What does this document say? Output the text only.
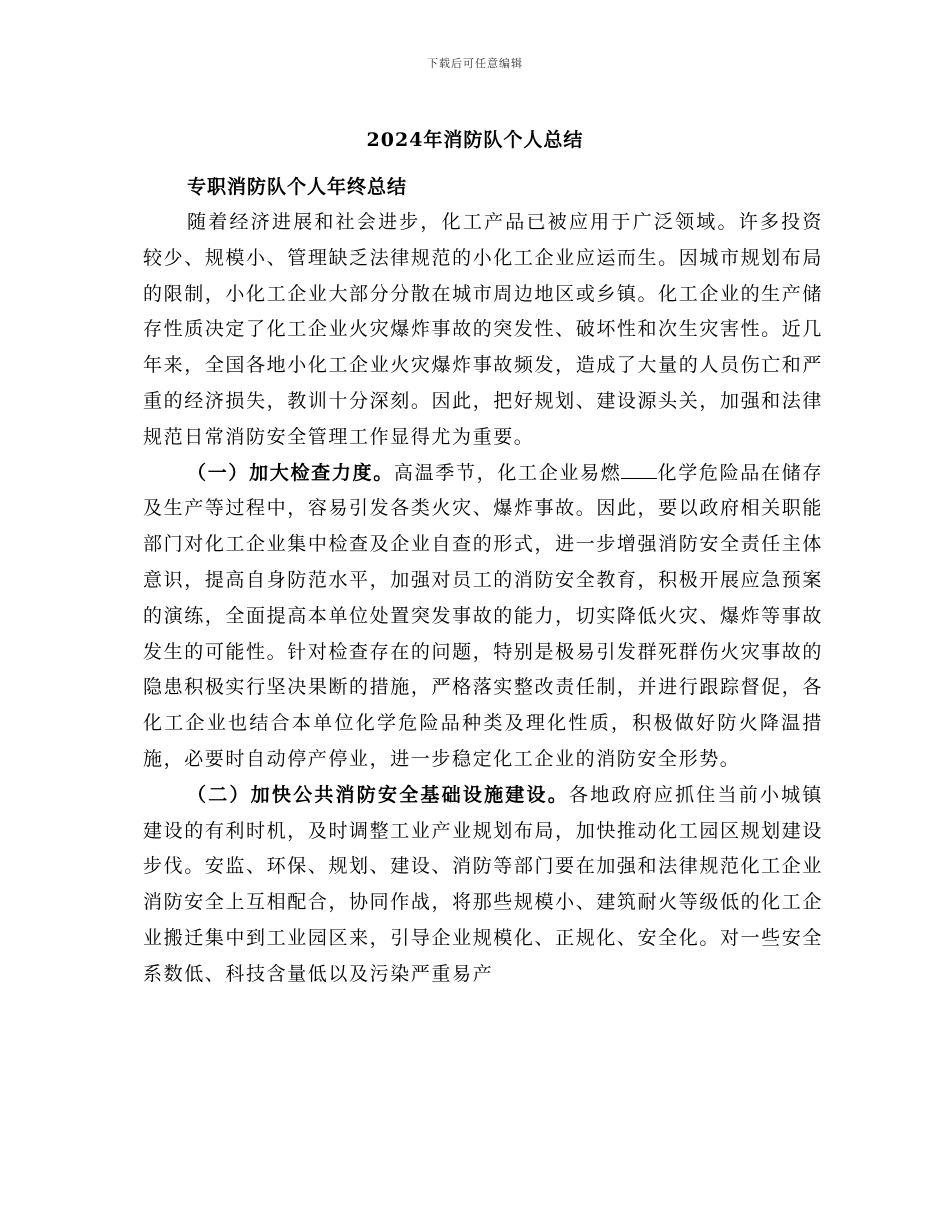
下载后可任意编辑
2024年消防队个人总结

专职消防队个人年终总结

随着经济进展和社会进步，化工产品已被应用于广泛领域。许多投资较少、规模小、管理缺乏法律规范的小化工企业应运而生。因城市规划布局的限制，小化工企业大部分分散在城市周边地区或乡镇。化工企业的生产储存性质决定了化工企业火灾爆炸事故的突发性、破坏性和次生灾害性。近几年来，全国各地小化工企业火灾爆炸事故频发，造成了大量的人员伤亡和严重的经济损失，教训十分深刻。因此，把好规划、建设源头关，加强和法律规范日常消防安全管理工作显得尤为重要。

（一）加大检查力度。高温季节，化工企业易燃 化学危险品在储存及生产等过程中，容易引发各类火灾、爆炸事故。因此，要以政府相关职能部门对化工企业集中检查及企业自查的形式，进一步增强消防安全责任主体意识，提高自身防范水平，加强对员工的消防安全教育，积极开展应急预案的演练，全面提高本单位处置突发事故的能力，切实降低火灾、爆炸等事故发生的可能性。针对检查存在的问题，特别是极易引发群死群伤火灾事故的隐患积极实行坚决果断的措施，严格落实整改责任制，并进行跟踪督促，各化工企业也结合本单位化学危险品种类及理化性质，积极做好防火降温措施，必要时自动停产停业，进一步稳定化工企业的消防安全形势。

（二）加快公共消防安全基础设施建设。各地政府应抓住当前小城镇建设的有利时机，及时调整工业产业规划布局，加快推动化工园区规划建设步伐。安监、环保、规划、建设、消防等部门要在加强和法律规范化工企业消防安全上互相配合，协同作战，将那些规模小、建筑耐火等级低的化工企业搬迁集中到工业园区来，引导企业规模化、正规化、安全化。对一些安全系数低、科技含量低以及污染严重易产
